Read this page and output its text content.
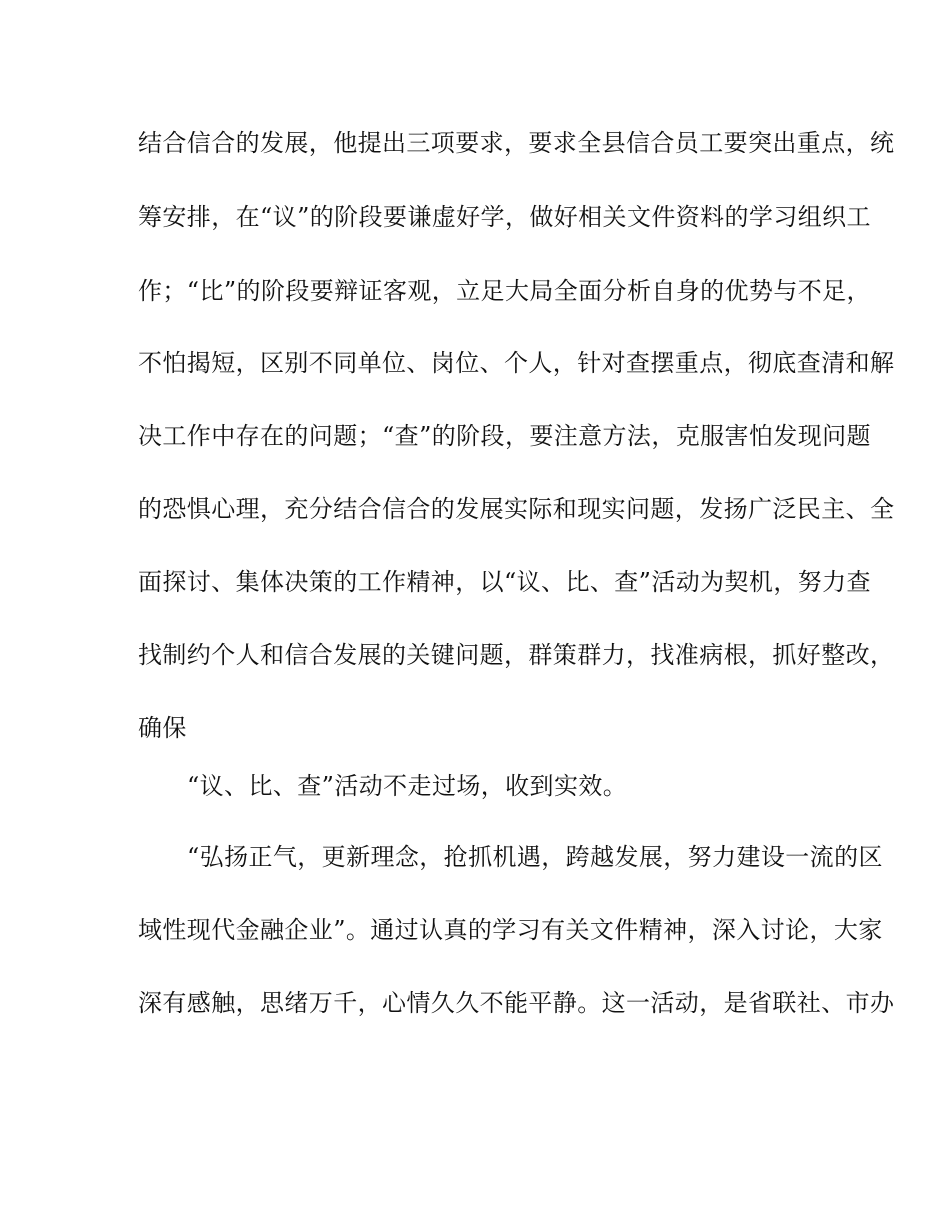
结合信合的发展，他提出三项要求，要求全县信合员工要突出重点，统
筹安排，在“议”的阶段要谦虚好学，做好相关文件资料的学习组织工
作；“比”的阶段要辩证客观，立足大局全面分析自身的优势与不足，
不怕揭短，区别不同单位、岗位、个人，针对查摆重点，彻底查清和解
决工作中存在的问题；“查”的阶段，要注意方法，克服害怕发现问题
的恐惧心理，充分结合信合的发展实际和现实问题，发扬广泛民主、全
面探讨、集体决策的工作精神，以“议、比、查”活动为契机，努力查
找制约个人和信合发展的关键问题，群策群力，找准病根，抓好整改，
确保
“议、比、查”活动不走过场，收到实效。
“弘扬正气，更新理念，抢抓机遇，跨越发展，努力建设一流的区
域性现代金融企业”。通过认真的学习有关文件精神，深入讨论，大家
深有感触，思绪万千，心情久久不能平静。这一活动，是省联社、市办
